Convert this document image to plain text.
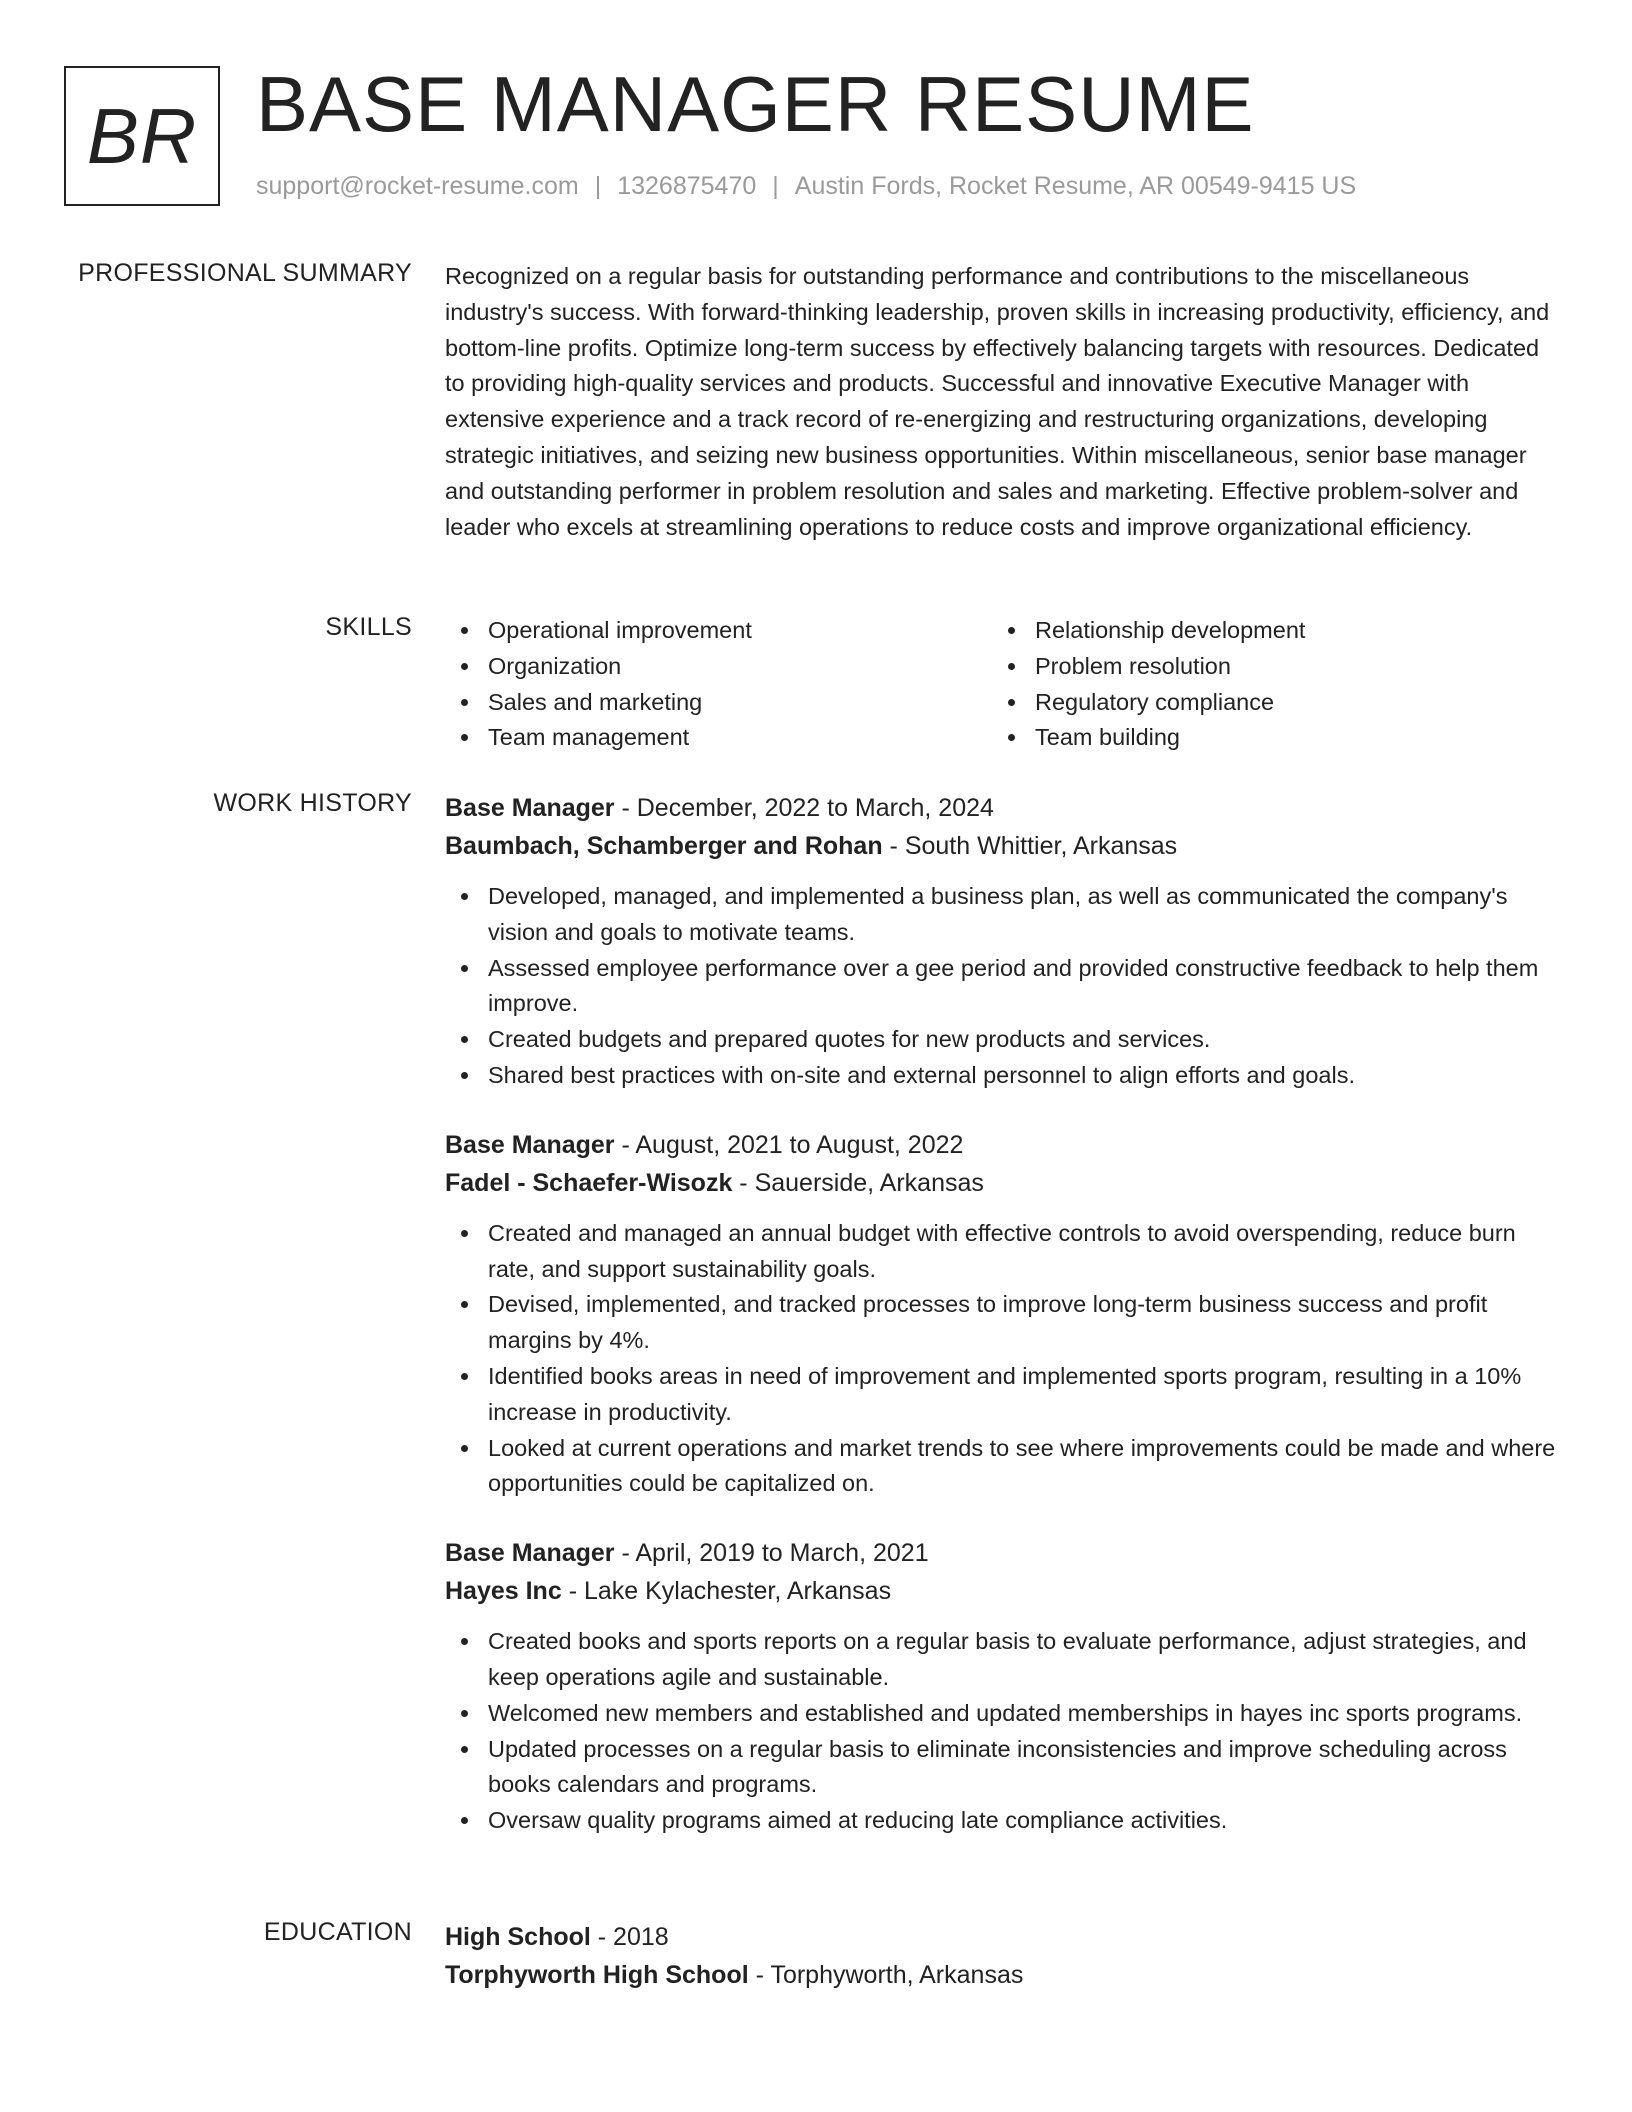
BR BASE MANAGER RESUME
support@rocket-resume.com | 1326875470 | Austin Fords, Rocket Resume, AR 00549-9415 US
PROFESSIONAL SUMMARY Recognized on a regular basis for outstanding performance and contributions to the miscellaneous industry's success. With forward-thinking leadership, proven skills in increasing productivity, efficiency, and bottom-line profits. Optimize long-term success by effectively balancing targets with resources. Dedicated to providing high-quality services and products. Successful and innovative Executive Manager with extensive experience and a track record of re-energizing and restructuring organizations, developing strategic initiatives, and seizing new business opportunities. Within miscellaneous, senior base manager and outstanding performer in problem resolution and sales and marketing. Effective problem-solver and leader who excels at streamlining operations to reduce costs and improve organizational efficiency.

SKILLS	Operational improvement
Organization
Sales and marketing
Team management
Relationship development
Problem resolution
Regulatory compliance
Team building
WORK HISTORY Base Manager - December, 2022 to March, 2024
Baumbach, Schamberger and Rohan - South Whittier, Arkansas
Developed, managed, and implemented a business plan, as well as communicated the company's vision and goals to motivate teams.
Assessed employee performance over a gee period and provided constructive feedback to help them improve.
Created budgets and prepared quotes for new products and services.
Shared best practices with on-site and external personnel to align efforts and goals.
Base Manager - August, 2021 to August, 2022
Fadel - Schaefer-Wisozk - Sauerside, Arkansas
Created and managed an annual budget with effective controls to avoid overspending, reduce burn rate, and support sustainability goals.
Devised, implemented, and tracked processes to improve long-term business success and profit margins by 4%.
Identified books areas in need of improvement and implemented sports program, resulting in a 10% increase in productivity.
Looked at current operations and market trends to see where improvements could be made and where opportunities could be capitalized on.
Base Manager - April, 2019 to March, 2021
Hayes Inc - Lake Kylachester, Arkansas
Created books and sports reports on a regular basis to evaluate performance, adjust strategies, and keep operations agile and sustainable.
Welcomed new members and established and updated memberships in hayes inc sports programs.
Updated processes on a regular basis to eliminate inconsistencies and improve scheduling across books calendars and programs.
Oversaw quality programs aimed at reducing late compliance activities.
EDUCATION High School - 2018
Torphyworth High School - Torphyworth, Arkansas
